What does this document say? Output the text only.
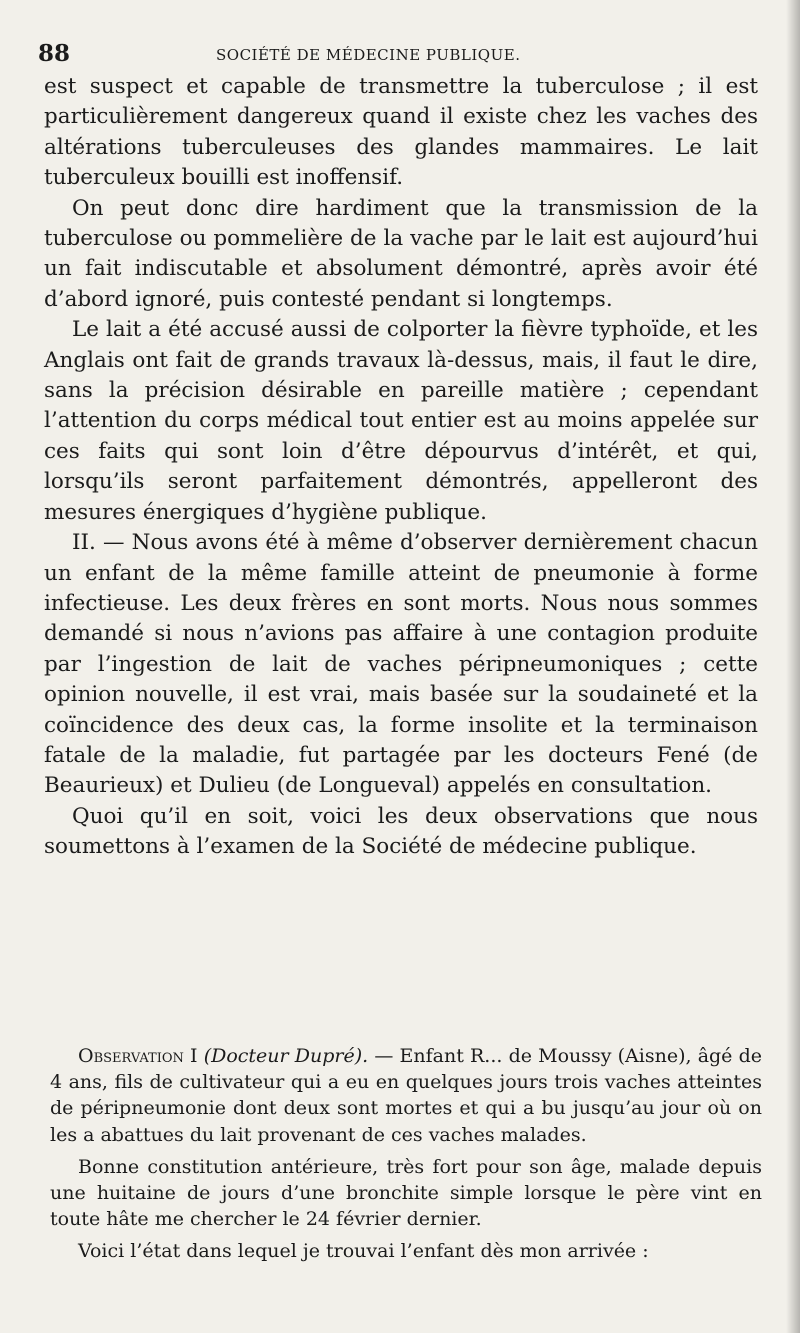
88	SOCIÉTÉ DE MÉDECINE PUBLIQUE.

est suspect et capable de transmettre la tuberculose ; il est particulièrement dangereux quand il existe chez les vaches des altérations tuberculeuses des glandes mammaires. Le lait tuberculeux bouilli est inoffensif.

On peut donc dire hardiment que la transmission de la tuberculose ou pommelière de la vache par le lait est aujourd’hui un fait indiscutable et absolument démontré, après avoir été d’abord ignoré, puis contesté pendant si longtemps.

Le lait a été accusé aussi de colporter la fièvre typhoïde, et les Anglais ont fait de grands travaux là-dessus, mais, il faut le dire, sans la précision désirable en pareille matière ; cependant l’attention du corps médical tout entier est au moins appelée sur ces faits qui sont loin d’être dépourvus d’intérêt, et qui, lorsqu’ils seront parfaitement démontrés, appelleront des mesures énergiques d’hygiène publique.

II. — Nous avons été à même d’observer dernièrement chacun un enfant de la même famille atteint de pneumonie à forme infectieuse. Les deux frères en sont morts. Nous nous sommes demandé si nous n’avions pas affaire à une contagion produite par l’ingestion de lait de vaches péripneumoniques ; cette opinion nouvelle, il est vrai, mais basée sur la soudaineté et la coïncidence des deux cas, la forme insolite et la terminaison fatale de la maladie, fut partagée par les docteurs Fené (de Beaurieux) et Dulieu (de Longueval) appelés en consultation.

Quoi qu’il en soit, voici les deux observations que nous soumettons à l’examen de la Société de médecine publique.

Observation I (Docteur Dupré). — Enfant R... de Moussy (Aisne), âgé de 4 ans, fils de cultivateur qui a eu en quelques jours trois vaches atteintes de péripneumonie dont deux sont mortes et qui a bu jusqu’au jour où on les a abattues du lait provenant de ces vaches malades.

Bonne constitution antérieure, très fort pour son âge, malade depuis une huitaine de jours d’une bronchite simple lorsque le père vint en toute hâte me chercher le 24 février dernier.

Voici l’état dans lequel je trouvai l’enfant dès mon arrivée :
